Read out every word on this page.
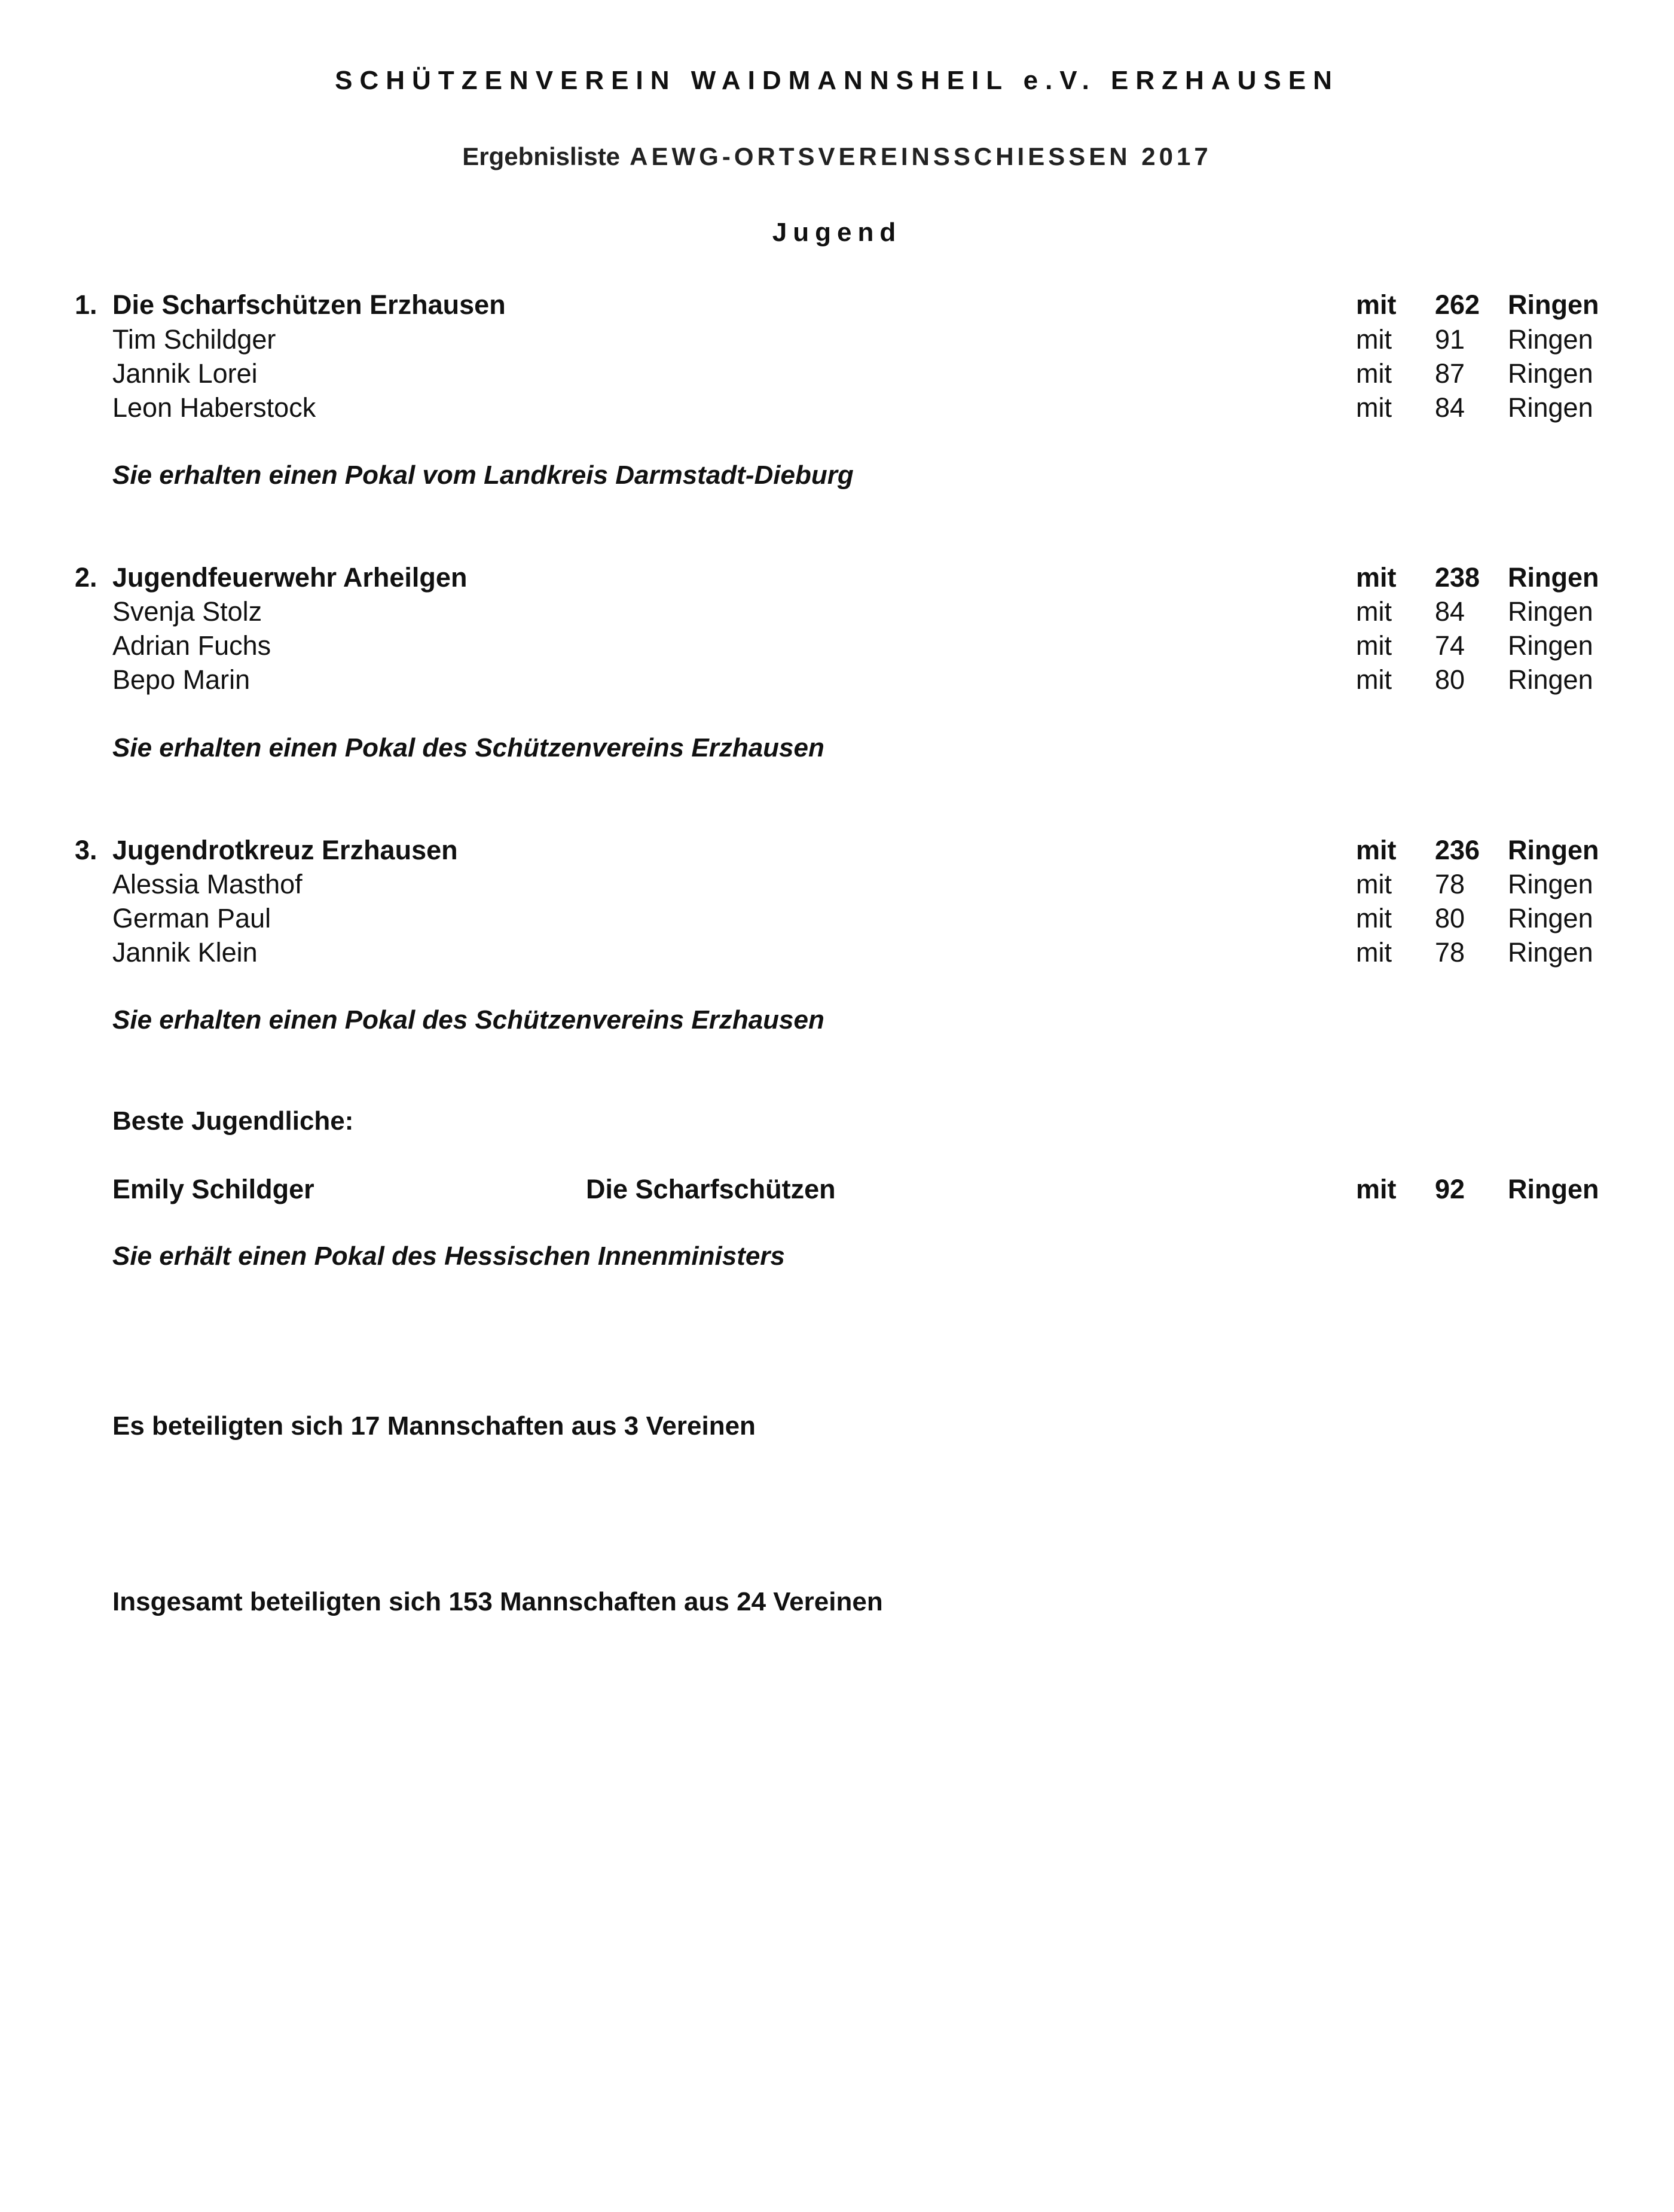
SCHÜTZENVEREIN WAIDMANNSHEIL e.V. ERZHAUSEN
Ergebnisliste AEWG-ORTSVEREINSSCHIESSEN 2017
Jugend
1. Die Scharfschützen Erzhausen	mit 262 Ringen
Tim Schildger	mit 91 Ringen
Jannik Lorei	mit 87 Ringen
Leon Haberstock	mit 84 Ringen
Sie erhalten einen Pokal vom Landkreis Darmstadt-Dieburg
2. Jugendfeuerwehr Arheilgen	mit 238 Ringen
Svenja Stolz	mit 84 Ringen
Adrian Fuchs	mit 74 Ringen
Bepo Marin	mit 80 Ringen
Sie erhalten einen Pokal des Schützenvereins Erzhausen
3. Jugendrotkreuz Erzhausen	mit 236 Ringen
Alessia Masthof	mit 78 Ringen
German Paul	mit 80 Ringen
Jannik Klein	mit 78 Ringen
Sie erhalten einen Pokal des Schützenvereins Erzhausen
Beste Jugendliche:
Emily Schildger	Die Scharfschützen	mit 92 Ringen
Sie erhält einen Pokal des Hessischen Innenministers
Es beteiligten sich 17 Mannschaften aus 3 Vereinen
Insgesamt beteiligten sich 153 Mannschaften aus 24 Vereinen
